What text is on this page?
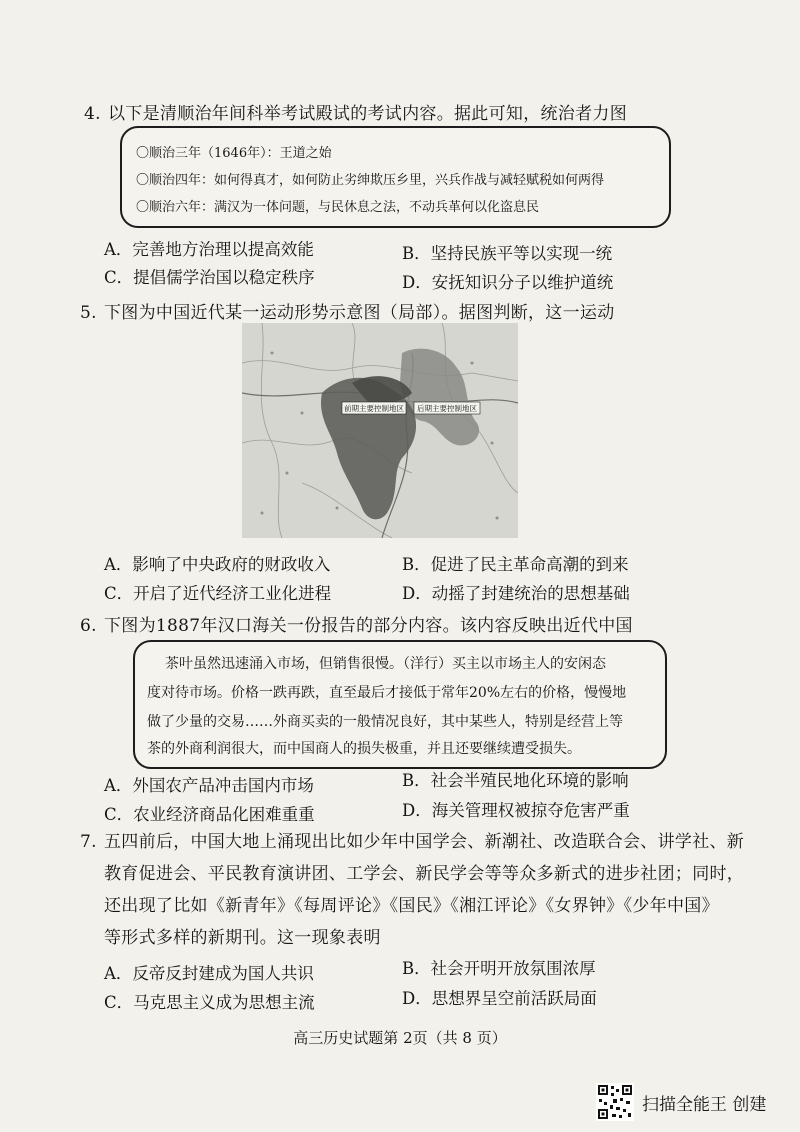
4. 以下是清顺治年间科举考试殿试的考试内容。据此可知，统治者力图
〇顺治三年（1646年）：王道之始
〇顺治四年：如何得真才，如何防止劣绅欺压乡里，兴兵作战与减轻赋税如何两得
〇顺治六年：满汉为一体问题，与民休息之法，不动兵革何以化盗息民
A．完善地方治理以提高效能	B．坚持民族平等以实现一统
C．提倡儒学治国以稳定秩序	D．安抚知识分子以维护道统
5. 下图为中国近代某一运动形势示意图（局部）。据图判断，这一运动
前期主要控制地区 后期主要控制地区
A．影响了中央政府的财政收入	B．促进了民主革命高潮的到来
C．开启了近代经济工业化进程	D．动摇了封建统治的思想基础
6. 下图为1887年汉口海关一份报告的部分内容。该内容反映出近代中国
茶叶虽然迅速涌入市场，但销售很慢。（洋行）买主以市场主人的安闲态
度对待市场。价格一跌再跌，直至最后才接低于常年20%左右的价格，慢慢地
做了少量的交易……外商买卖的一般情况良好，其中某些人，特别是经营上等
茶的外商利润很大，而中国商人的损失极重，并且还要继续遭受损失。
A．外国农产品冲击国内市场	B．社会半殖民地化环境的影响
C．农业经济商品化困难重重	D．海关管理权被掠夺危害严重
7. 五四前后，中国大地上涌现出比如少年中国学会、新潮社、改造联合会、讲学社、新
教育促进会、平民教育演讲团、工学会、新民学会等等众多新式的进步社团；同时，
还出现了比如《新青年》《每周评论》《国民》《湘江评论》《女界钟》《少年中国》
等形式多样的新期刊。这一现象表明
A．反帝反封建成为国人共识	B．社会开明开放氛围浓厚
C．马克思主义成为思想主流	D．思想界呈空前活跃局面
高三历史试题第 2页（共 8 页）
扫描全能王 创建
